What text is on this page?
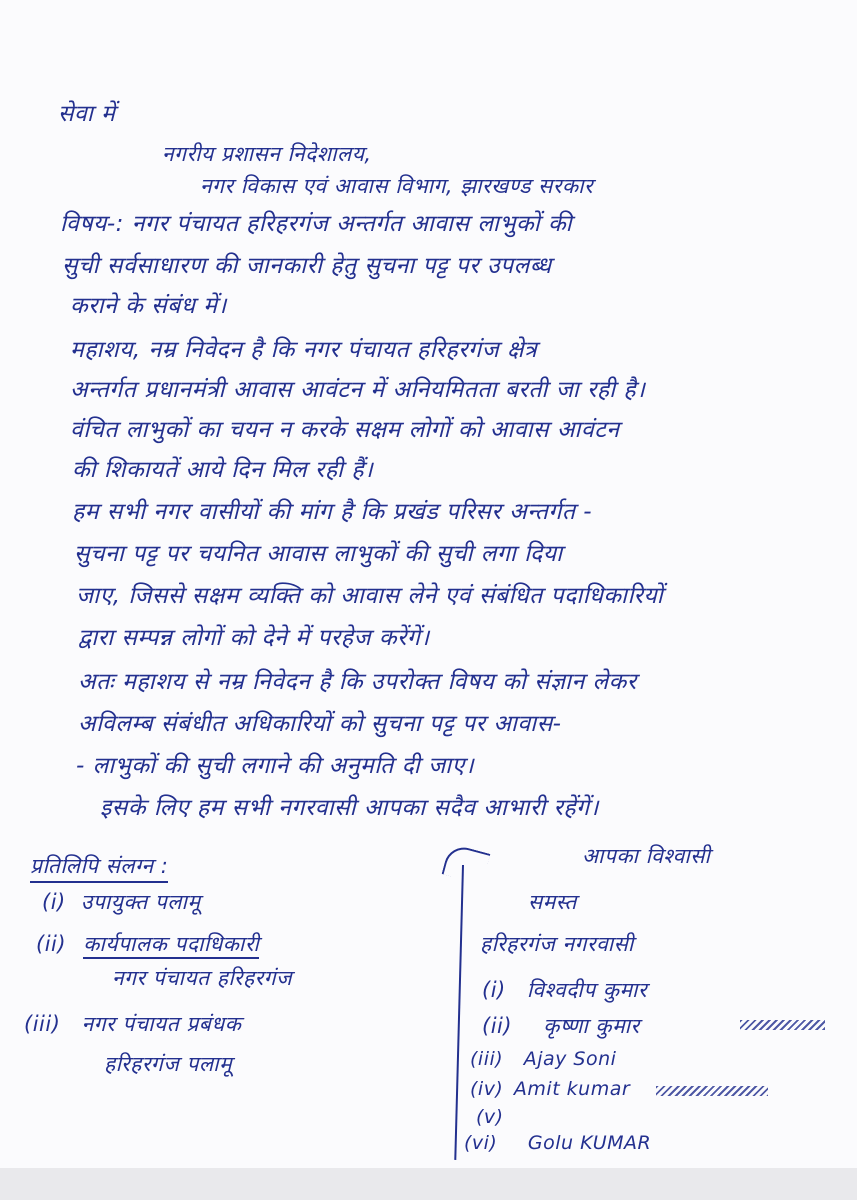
सेवा में
नगरीय प्रशासन निदेशालय,
नगर विकास एवं आवास विभाग, झारखण्ड सरकार
विषय-: नगर पंचायत हरिहरगंज अन्तर्गत आवास लाभुकों की
सुची सर्वसाधारण की जानकारी हेतु सुचना पट्ट पर उपलब्ध
कराने के संबंध में।
महाशय, नम्र निवेदन है कि नगर पंचायत हरिहरगंज क्षेत्र
अन्तर्गत प्रधानमंत्री आवास आवंटन में अनियमितता बरती जा रही है।
वंचित लाभुकों का चयन न करके सक्षम लोगों को आवास आवंटन
की शिकायतें आये दिन मिल रही हैं।
हम सभी नगर वासीयों की मांग है कि प्रखंड परिसर अन्तर्गत -
सुचना पट्ट पर चयनित आवास लाभुकों की सुची लगा दिया
जाए, जिससे सक्षम व्यक्ति को आवास लेने एवं संबंधित पदाधिकारियों
द्वारा सम्पन्न लोगों को देने में परहेज करेंगें।
अतः महाशय से नम्र निवेदन है कि उपरोक्त विषय को संज्ञान लेकर
अविलम्ब संबंधीत अधिकारियों को सुचना पट्ट पर आवास-
- लाभुकों की सुची लगाने की अनुमति दी जाए।
इसके लिए हम सभी नगरवासी आपका सदैव आभारी रहेंगें।
आपका विश्वासी
प्रतिलिपि संलग्न :
(i) उपायुक्त पलामू
(ii) कार्यपालक पदाधिकारी
नगर पंचायत हरिहरगंज
(iii) नगर पंचायत प्रबंधक
हरिहरगंज पलामू
समस्त
हरिहरगंज नगरवासी
(i) विश्वदीप कुमार
(ii) कृष्णा कुमार
(iii) Ajay Soni
(iv) Amit kumar
(v)
(vi) Golu KUMAR
